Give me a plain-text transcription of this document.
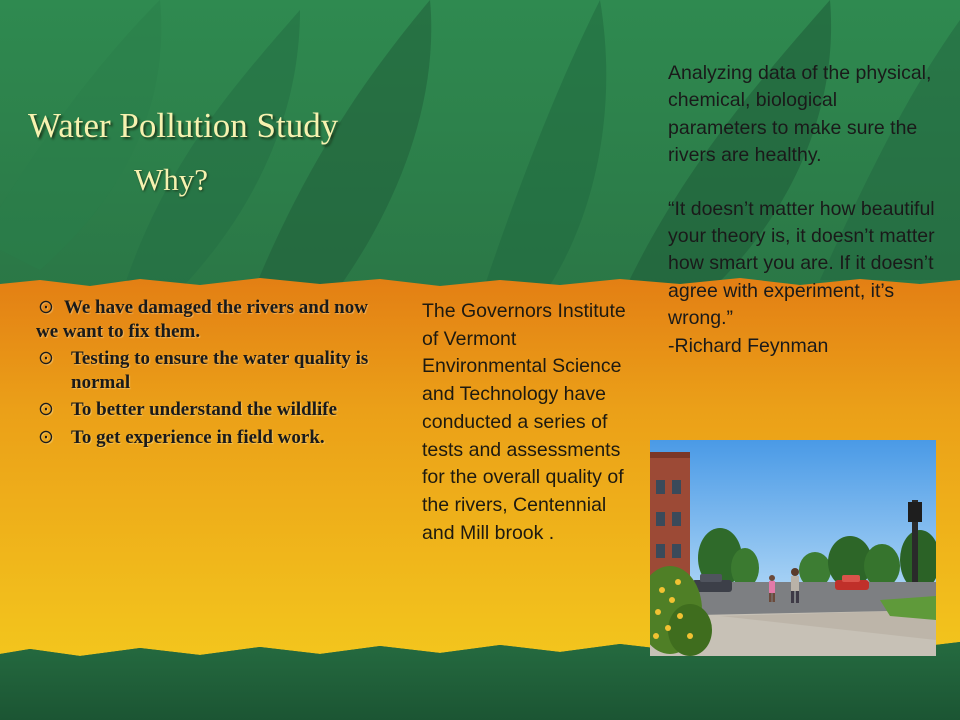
Water Pollution Study
Why?
⊙ We have damaged the rivers and now we want to fix them.
⊙ Testing to ensure the water quality is normal
⊙ To better understand the wildlife
⊙ To get experience in field work.

The Governors Institute of Vermont Environmental Science and Technology have conducted a series of tests and assessments for the overall quality of the rivers, Centennial and Mill brook .

Analyzing data of the physical, chemical, biological parameters to make sure the rivers are healthy.

“It doesn’t matter how beautiful your theory is, it doesn’t matter how smart you are. If it doesn’t agree with experiment, it’s wrong.”

-Richard Feynman
